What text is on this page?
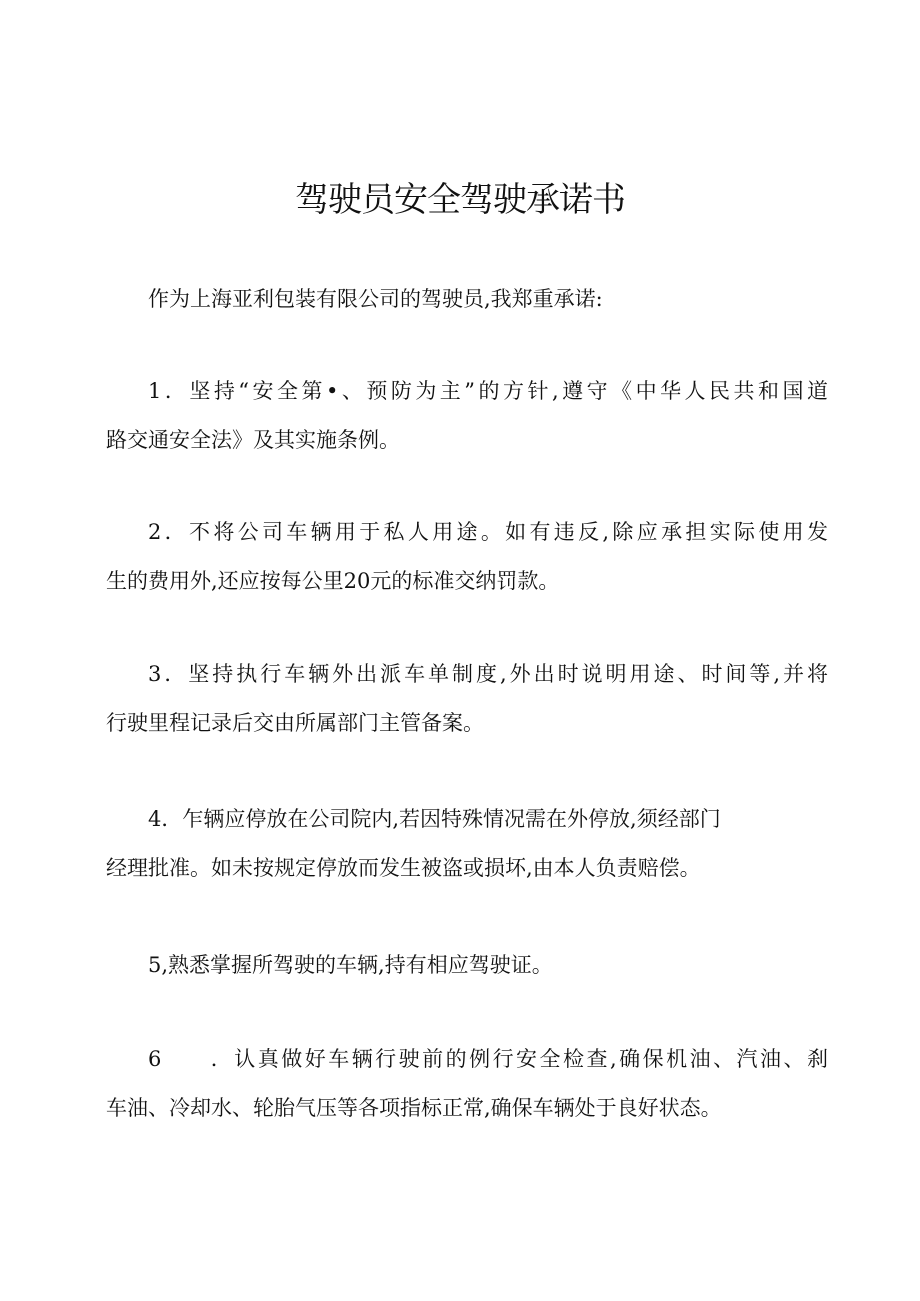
驾驶员安全驾驶承诺书
作为上海亚利包装有限公司的驾驶员,我郑重承诺:
1．坚持“安全第•、预防为主”的方针,遵守《中华人民共和国道
路交通安全法》及其实施条例。
2．不将公司车辆用于私人用途。如有违反,除应承担实际使用发
生的费用外,还应按每公里20元的标准交纳罚款。
3．坚持执行车辆外出派车单制度,外出时说明用途、时间等,并将
行驶里程记录后交由所属部门主管备案。
4．乍辆应停放在公司院内,若因特殊情况需在外停放,须经部门
经理批准。如未按规定停放而发生被盗或损坏,由本人负责赔偿。
5,熟悉掌握所驾驶的车辆,持有相应驾驶证。
6　　．认真做好车辆行驶前的例行安全检查,确保机油、汽油、刹
车油、冷却水、轮胎气压等各项指标正常,确保车辆处于良好状态。
